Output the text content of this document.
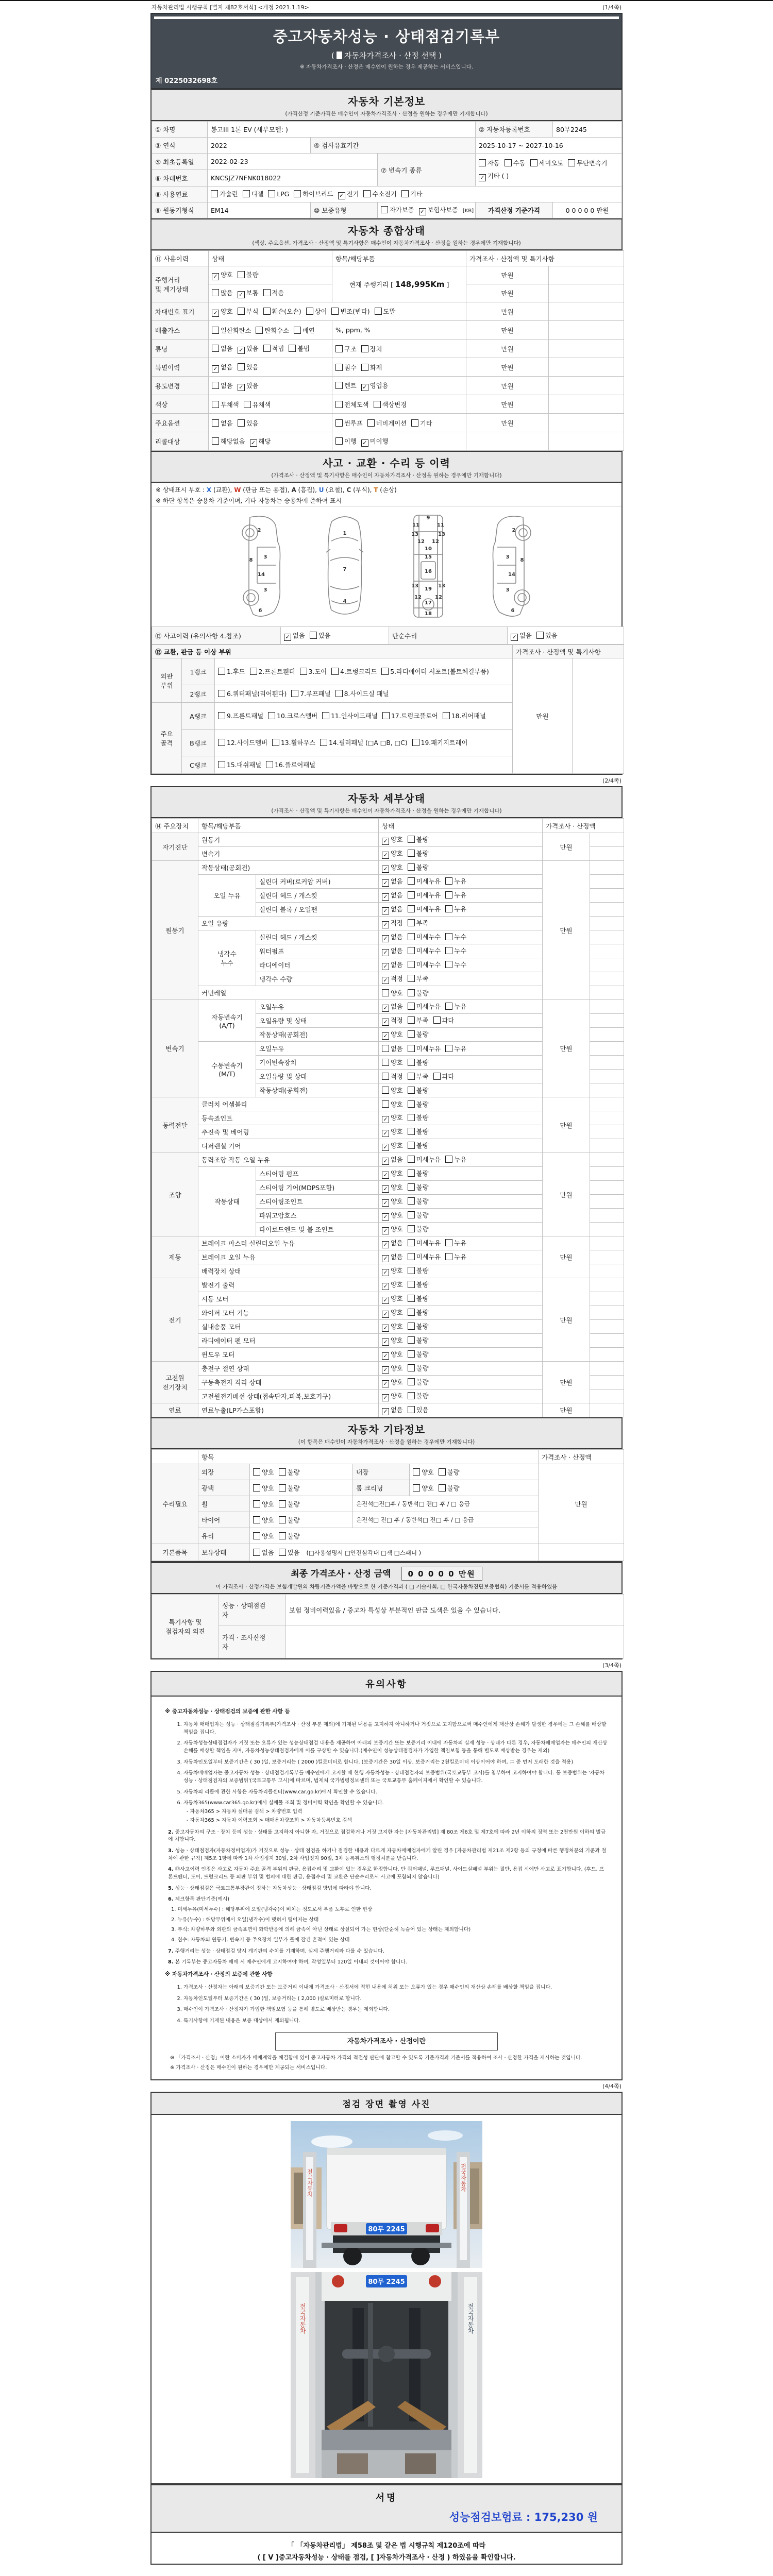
자동차관리법 시행규칙 [별지 제82호서식] <개정 2021.1.19>	(1/4쪽)
중고자동차성능 · 상태점검기록부
( 자동차가격조사 · 산정 선택 )
※ 자동차가격조사 · 산정은 매수인이 원하는 경우 제공하는 서비스입니다.
제 0225032698호
자동차 기본정보
(가격산정 기준가격은 매수인이 자동차가격조사 · 산정을 원하는 경우에만 기재합니다)
① 차명	봉고III 1톤 EV (세부모델: )			② 자동차등록번호	80무2245
③ 연식	2022	④ 검사유효기간		2025-10-17 ~ 2027-10-16	
⑤ 최초등록일	2022-02-23		⑦ 변속기 종류	자동 수동 세미오토 무단변속기✓ 기타 ( )	
⑥ 차대번호	KNCSJZ7NFNK018022				
⑧ 사용연료	가솔린 디젤 LPG 하이브리드 ✓ 전기 수소전기 기타				
⑨ 원동기형식	EM14	⑩ 보증유형	자가보증 ✓ 보험사보증 [KB]	가격산정 기준가격	0 0 0 0 0 만원
자동차 종합상태
(색상, 주요옵션, 가격조사 · 산정액 및 특기사항은 매수인이 자동차가격조사 · 산정을 원하는 경우에만 기재합니다)
⑪ 사용이력	상태	항목/해당부품	가격조사 · 산정액 및 특기사항	
주행거리
및 계기상태	✓ 양호 불량	현재 주행거리 [ 148,995Km ]	만원	
	많음 ✓ 보통 적음		만원	
차대번호 표기	✓ 양호 부식 훼손(오손) 상이 변조(변타) 도말		만원	
배출가스	일산화탄소 탄화수소 매연	%, ppm, %	만원	
튜닝	없음 ✓ 있음 적법 불법	구조 장치	만원	
특별이력	✓ 없음 있음	침수 화재	만원	
용도변경	없음 ✓ 있음	렌트 ✓ 영업용	만원	
색상	무채색 유채색	전체도색 색상변경	만원	
주요옵션	없음 있음	썬루프 네비게이션 기타	만원	
리콜대상	해당없음 ✓ 해당	이행 ✓ 미이행		
사고 · 교환 · 수리 등 이력
(가격조사 · 산정액 및 특기사항은 매수인이 자동차가격조사 · 산정을 원하는 경우에만 기재합니다)
※ 상태표시 부호 : X (교환), W (판금 또는 용접), A (흠집), U (요철), C (부식), T (손상)
※ 하단 항목은 승용차 기준이며, 기타 자동차는 승용차에 준하여 표시
2
8
3
14
3
6
1
7
4
9
11	11
13	13
12 12
10
15
16
13	13
19
12	12
17
18
2
8
3
14
3
6
⑫ 사고이력 (유의사항 4.참조)	✓ 없음 있음	단순수리	✓ 없음 있음
⑬ 교환, 판금 등 이상 부위			가격조사 · 산정액 및 특기사항	
외판
부위	1랭크	1.후드 2.프론트휀더 3.도어 4.트렁크리드 5.라디에이터 서포트(볼트체결부품)	만원	
	2랭크	6.쿼터패널(리어휀다) 7.루프패널 8.사이드실 패널		
주요
골격	A랭크	9.프론트패널 10.크로스멤버 11.인사이드패널 17.트렁크플로어 18.리어패널		
	B랭크	12.사이드멤버 13.휠하우스 14.필러패널 (□A □B, □C) 19.패키지트레이		
	C랭크	15.대쉬패널 16.플로어패널		
(2/4쪽)
자동차 세부상태
(가격조사 · 산정액 및 특기사항은 매수인이 자동차가격조사 · 산정을 원하는 경우에만 기재합니다)
⑭ 주요장치	항목/해당부품		상태	가격조사 · 산정액	
자기진단	원동기		✓ 양호 불량	만원	
	변속기		✓ 양호 불량		
원동기	작동상태(공회전)		✓ 양호 불량	만원	
	오일 누유	실린더 커버(로커암 커버)	✓ 없음 미세누유 누유		
		실린더 헤드 / 개스킷	✓ 없음 미세누유 누유		
		실린더 블록 / 오일팬	✓ 없음 미세누유 누유		
	오일 유량		✓ 적정 부족		
	냉각수
누수	실린더 헤드 / 개스킷	✓ 없음 미세누수 누수		
		워터펌프	✓ 없음 미세누수 누수		
		라디에이터	✓ 없음 미세누수 누수		
		냉각수 수량	✓ 적정 부족		
	커먼레일		양호 불량		
변속기	자동변속기
(A/T)	오일누유	✓ 없음 미세누유 누유	만원	
		오일유량 및 상태	✓ 적정 부족 과다		
		작동상태(공회전)	✓ 양호 불량		
	수동변속기
(M/T)	오일누유	없음 미세누유 누유		
		기어변속장치	양호 불량		
		오일유량 및 상태	적정 부족 과다		
		작동상태(공회전)	양호 불량		
동력전달	클러치 어셈블리		양호 불량	만원	
	등속죠인트		✓ 양호 불량		
	추진축 및 베어링		✓ 양호 불량		
	디퍼렌셜 기어		✓ 양호 불량		
조향	동력조향 작동 오일 누유		✓ 없음 미세누유 누유	만원	
	작동상태	스티어링 펌프	✓ 양호 불량		
		스티어링 기어(MDPS포함)	✓ 양호 불량		
		스티어링조인트	✓ 양호 불량		
		파워고압호스	✓ 양호 불량		
		타이로드엔드 및 볼 조인트	✓ 양호 불량		
제동	브레이크 마스터 실린더오일 누유		✓ 없음 미세누유 누유	만원	
	브레이크 오일 누유		✓ 없음 미세누유 누유		
	배력장치 상태		✓ 양호 불량		
전기	발전기 출력		✓ 양호 불량	만원	
	시동 모터		✓ 양호 불량		
	와이퍼 모터 기능		✓ 양호 불량		
	실내송풍 모터		✓ 양호 불량		
	라디에이터 팬 모터		✓ 양호 불량		
	윈도우 모터		✓ 양호 불량		
고전원
전기장치	충전구 절연 상태		✓ 양호 불량	만원	
	구동축전지 격리 상태		✓ 양호 불량		
	고전원전기배선 상태(접속단자,피복,보호기구)		✓ 양호 불량		
연료	연료누출(LP가스포함)		✓ 없음 있음	만원	
자동차 기타정보
(이 항목은 매수인이 자동차가격조사 · 산정을 원하는 경우에만 기재합니다)
	항목				가격조사 · 산정액
수리필요	외장	양호 불량	내장	양호 불량	만원
	광택	양호 불량	룸 크리닝	양호 불량	
	휠	양호 불량	운전석□전□후 / 동반석□ 전□ 후 / □ 응급		
	타이어	양호 불량	운전석□ 전□ 후 / 동반석□ 전□ 후 / □ 응급		
	유리	양호 불량			
기본품목	보유상태	없음 있음 (□사용설명서 □안전삼각대 □잭 □스패너 )			
최종 가격조사 · 산정 금액 0 0 0 0 0 만원
이 가격조사 · 산정가격은 보험개발원의 차량기준가액을 바탕으로 한 기준가격과 ( □ 기술사회, □ 한국자동차진단보증협회) 기준서를 적용하였음
특기사항 및
점검자의 의견	성능 · 상태점검
자	보험 정비이력있음 / 중고차 특성상 부분적인 판금 도색은 있을 수 있습니다.
	가격 · 조사산정
자	
(3/4쪽)
유의사항
※ 중고자동차성능 · 상태점검의 보증에 관한 사항 등
1. 자동차 매매업자는 성능 · 상태점검기록부(가격조사 · 산정 부분 제외)에 기재된 내용을 고지하지 아니하거나 거짓으로 고지함으로써 매수인에게 재산상 손해가 발생한 경우에는 그 손해를 배상할 책임을 집니다.
2. 자동차성능상태점검자가 거짓 또는 오류가 있는 성능상태점검 내용을 제공하여 아래의 보증기간 또는 보증거리 이내에 자동차의 실제 성능 · 상태가 다른 경우, 자동차매매업자는 매수인의 재산상 손해를 배상할 책임을 지며, 자동차성능상태점검자에게 이를 구상할 수 있습니다.(매수인이 성능상태점검자가 가입한 책임보험 등을 통해 별도로 배상받는 경우는 제외)
3. 자동차인도일부터 보증기간은 ( 30 )일, 보증거리는 ( 2000 )킬로미터로 합니다. (보증기간은 30일 이상, 보증거리는 2천킬로미터 이상이어야 하며, 그 중 먼저 도래한 것을 적용)
4. 자동차매매업자는 중고자동차 성능 · 상태점검기록부를 매수인에게 고지할 때 현행 자동차성능 · 상태점검자의 보증범위(국토교통부 고시)를 첨부하여 고지하여야 합니다. 동 보증범위는 '자동차성능 · 상태점검자의 보증범위'(국토교통부 고시)에 따르며, 법제처 국가법령정보센터 또는 국토교통부 홈페이지에서 확인할 수 있습니다.
5. 자동차의 리콜에 관한 사항은 자동차리콜센터(www.car.go.kr)에서 확인할 수 있습니다.
6. 자동차365(www.car365.go.kr)에서 실매물 조회 및 정비이력 확인을 확인할 수 있습니다.
- 자동차365 > 자동차 실매물 검색 > 차량번호 입력
- 자동차365 > 자동차 이력조회 > 매매용차량조회 > 자동차등록번호 검색
2. 중고자동차의 구조 · 장치 등의 성능 · 상태를 고지하지 아니한 자, 거짓으로 점검하거나 거짓 고지한 자는 [자동차관리법] 제 80조 제6호 및 제7호에 따라 2년 이하의 징역 또는 2천만원 이하의 벌금에 처합니다.
3. 성능 · 상태점검자(자동차정비업자)가 거짓으로 성능 · 상태 점검을 하거나 점검한 내용과 다르게 자동차매매업자에게 알린 경우 [자동차관리법 제21조 제2항 등의 규정에 따른 행정처분의 기준과 절차에 관한 규칙] 제5조 1항에 따라 1차 사업정지 30일, 2차 사업정지 90일, 3차 등록취소의 행정처분을 받습니다.
4. ⑫사고이력 인정은 사고로 자동차 주요 골격 부위의 판금, 용접수리 및 교환이 있는 경우로 한정합니다. 단 쿼터패널, 루프패널, 사이드실패널 부위는 절단, 용접 시에만 사고로 표기합니다. (후드, 프론트펜더, 도어, 트렁크리드 등 외판 부위 및 범퍼에 대한 판금, 용접수리 및 교환은 단순수리로서 사고에 포함되지 않습니다)
5. 성능 · 상태점검은 국토교통부장관이 정하는 자동차성능 · 상태점검 방법에 따라야 합니다.
6. 체크항목 판단기준(예시)
1. 미세누유(미세누수) : 해당부위에 오일(냉각수)이 비치는 정도로서 부품 노후로 인한 현상
2. 누유(누수) : 해당부위에서 오일(냉각수)이 맺혀서 떨어지는 상태
3. 부식: 차량하부와 외판의 금속표면이 화학반응에 의해 금속이 아닌 상태로 상실되어 가는 현상(단순히 녹슬어 있는 상태는 제외합니다)
4. 침수: 자동차의 원동기, 변속기 등 주요장치 일부가 물에 잠긴 흔적이 있는 상태
7. 주행거리는 성능 · 상태점검 당시 계기판의 수치를 기재하며, 실제 주행거리와 다를 수 있습니다.
8. 본 기록부는 중고자동차 매매 시 매수인에게 고지하여야 하며, 작성일부터 120일 이내의 것이어야 합니다.
※ 자동차가격조사 · 산정의 보증에 관한 사항
1. 가격조사 · 산정자는 아래의 보증기간 또는 보증거리 이내에 가격조사 · 산정서에 적힌 내용에 허위 또는 오류가 있는 경우 매수인의 재산상 손해를 배상할 책임을 집니다.
2. 자동차인도일부터 보증기간은 ( 30 )일, 보증거리는 ( 2,000 )킬로미터로 합니다.
3. 매수인이 가격조사 · 산정자가 가입한 책임보험 등을 통해 별도로 배상받는 경우는 제외합니다.
4. 특기사항에 기재된 내용은 보증 대상에서 제외됩니다.
자동차가격조사 · 산정이란
※ 「가격조사 · 산정」이란 소비자가 매매계약을 체결함에 있어 중고자동차 가격의 적절성 판단에 참고할 수 있도록 기준가격과 기준서를 적용하여 조사 · 산정한 가격을 제시하는 것입니다.
※ 가격조사 · 산정은 매수인이 원하는 경우에만 제공되는 서비스입니다.
(4/4쪽)
점검 장면 촬영 사진
전국자동차	전국자동차
80무 2245
전국자동차	전국자동차
80무 2245
서명
성능점검보험료 : 175,230 원
「 「자동차관리법」 제58조 및 같은 법 시행규칙 제120조에 따라
( [ V ]중고자동차성능 · 상태를 점검, [ ]자동차가격조사 · 산정 ) 하였음을 확인합니다.
